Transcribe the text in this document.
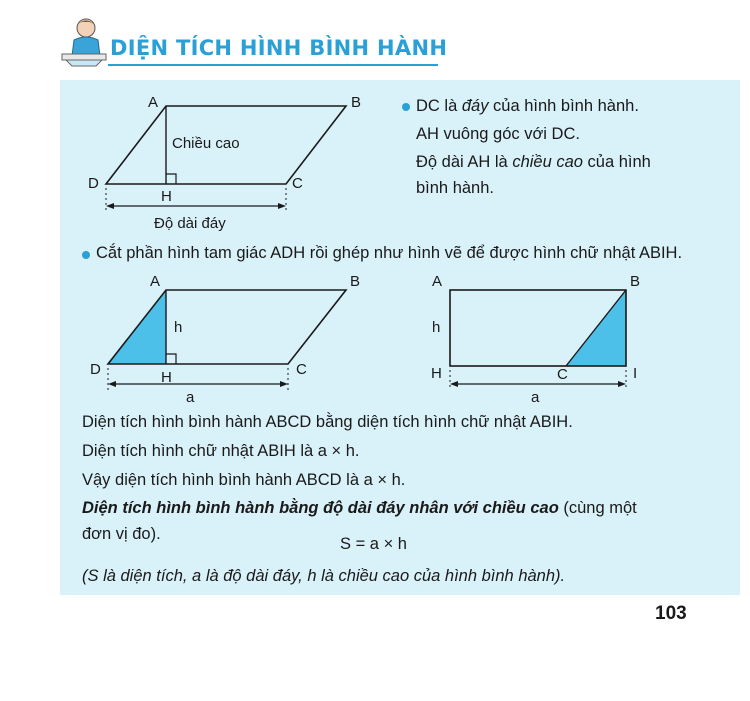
DIỆN TÍCH HÌNH BÌNH HÀNH
A	B
D	C
H
Chiều cao
Độ dài đáy
DC là đáy của hình bình hành.
AH vuông góc với DC.
Độ dài AH là chiều cao của hình
bình hành.
Cắt phần hình tam giác ADH rồi ghép như hình vẽ để được hình chữ nhật ABIH.
A	B
D	C
H
h
a
A	B
H	C	I
h
a
Diện tích hình bình hành ABCD bằng diện tích hình chữ nhật ABIH.
Diện tích hình chữ nhật ABIH là a × h.
Vậy diện tích hình bình hành ABCD là a × h.
Diện tích hình bình hành bằng độ dài đáy nhân với chiều cao (cùng một
đơn vị đo).
S = a × h
(S là diện tích, a là độ dài đáy, h là chiều cao của hình bình hành).
103
